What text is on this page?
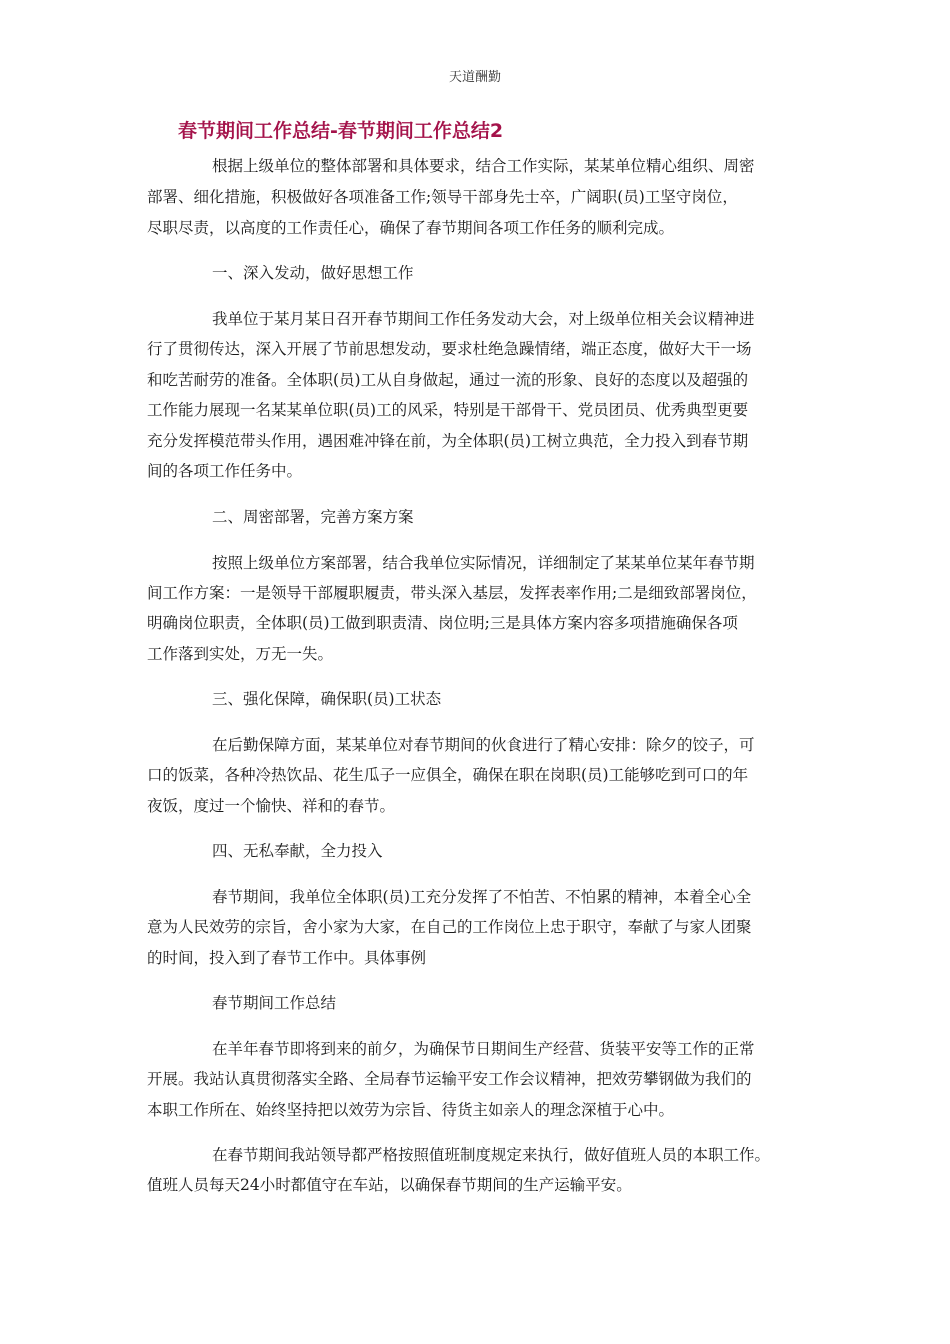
天道酬勤
春节期间工作总结-春节期间工作总结2
根据上级单位的整体部署和具体要求，结合工作实际，某某单位精心组织、周密
部署、细化措施，积极做好各项准备工作;领导干部身先士卒，广阔职(员)工坚守岗位，
尽职尽责，以高度的工作责任心，确保了春节期间各项工作任务的顺利完成。
一、深入发动，做好思想工作
我单位于某月某日召开春节期间工作任务发动大会，对上级单位相关会议精神进
行了贯彻传达，深入开展了节前思想发动，要求杜绝急躁情绪，端正态度，做好大干一场
和吃苦耐劳的准备。全体职(员)工从自身做起，通过一流的形象、良好的态度以及超强的
工作能力展现一名某某单位职(员)工的风采，特别是干部骨干、党员团员、优秀典型更要
充分发挥模范带头作用，遇困难冲锋在前，为全体职(员)工树立典范，全力投入到春节期
间的各项工作任务中。
二、周密部署，完善方案方案
按照上级单位方案部署，结合我单位实际情况，详细制定了某某单位某年春节期
间工作方案：一是领导干部履职履责，带头深入基层，发挥表率作用;二是细致部署岗位，
明确岗位职责，全体职(员)工做到职责清、岗位明;三是具体方案内容多项措施确保各项
工作落到实处，万无一失。
三、强化保障，确保职(员)工状态
在后勤保障方面，某某单位对春节期间的伙食进行了精心安排：除夕的饺子，可
口的饭菜，各种冷热饮品、花生瓜子一应俱全，确保在职在岗职(员)工能够吃到可口的年
夜饭，度过一个愉快、祥和的春节。
四、无私奉献，全力投入
春节期间，我单位全体职(员)工充分发挥了不怕苦、不怕累的精神，本着全心全
意为人民效劳的宗旨，舍小家为大家，在自己的工作岗位上忠于职守，奉献了与家人团聚
的时间，投入到了春节工作中。具体事例
春节期间工作总结
在羊年春节即将到来的前夕，为确保节日期间生产经营、货装平安等工作的正常
开展。我站认真贯彻落实全路、全局春节运输平安工作会议精神，把效劳攀钢做为我们的
本职工作所在、始终坚持把以效劳为宗旨、待货主如亲人的理念深植于心中。
在春节期间我站领导都严格按照值班制度规定来执行，做好值班人员的本职工作。
值班人员每天24小时都值守在车站，以确保春节期间的生产运输平安。
